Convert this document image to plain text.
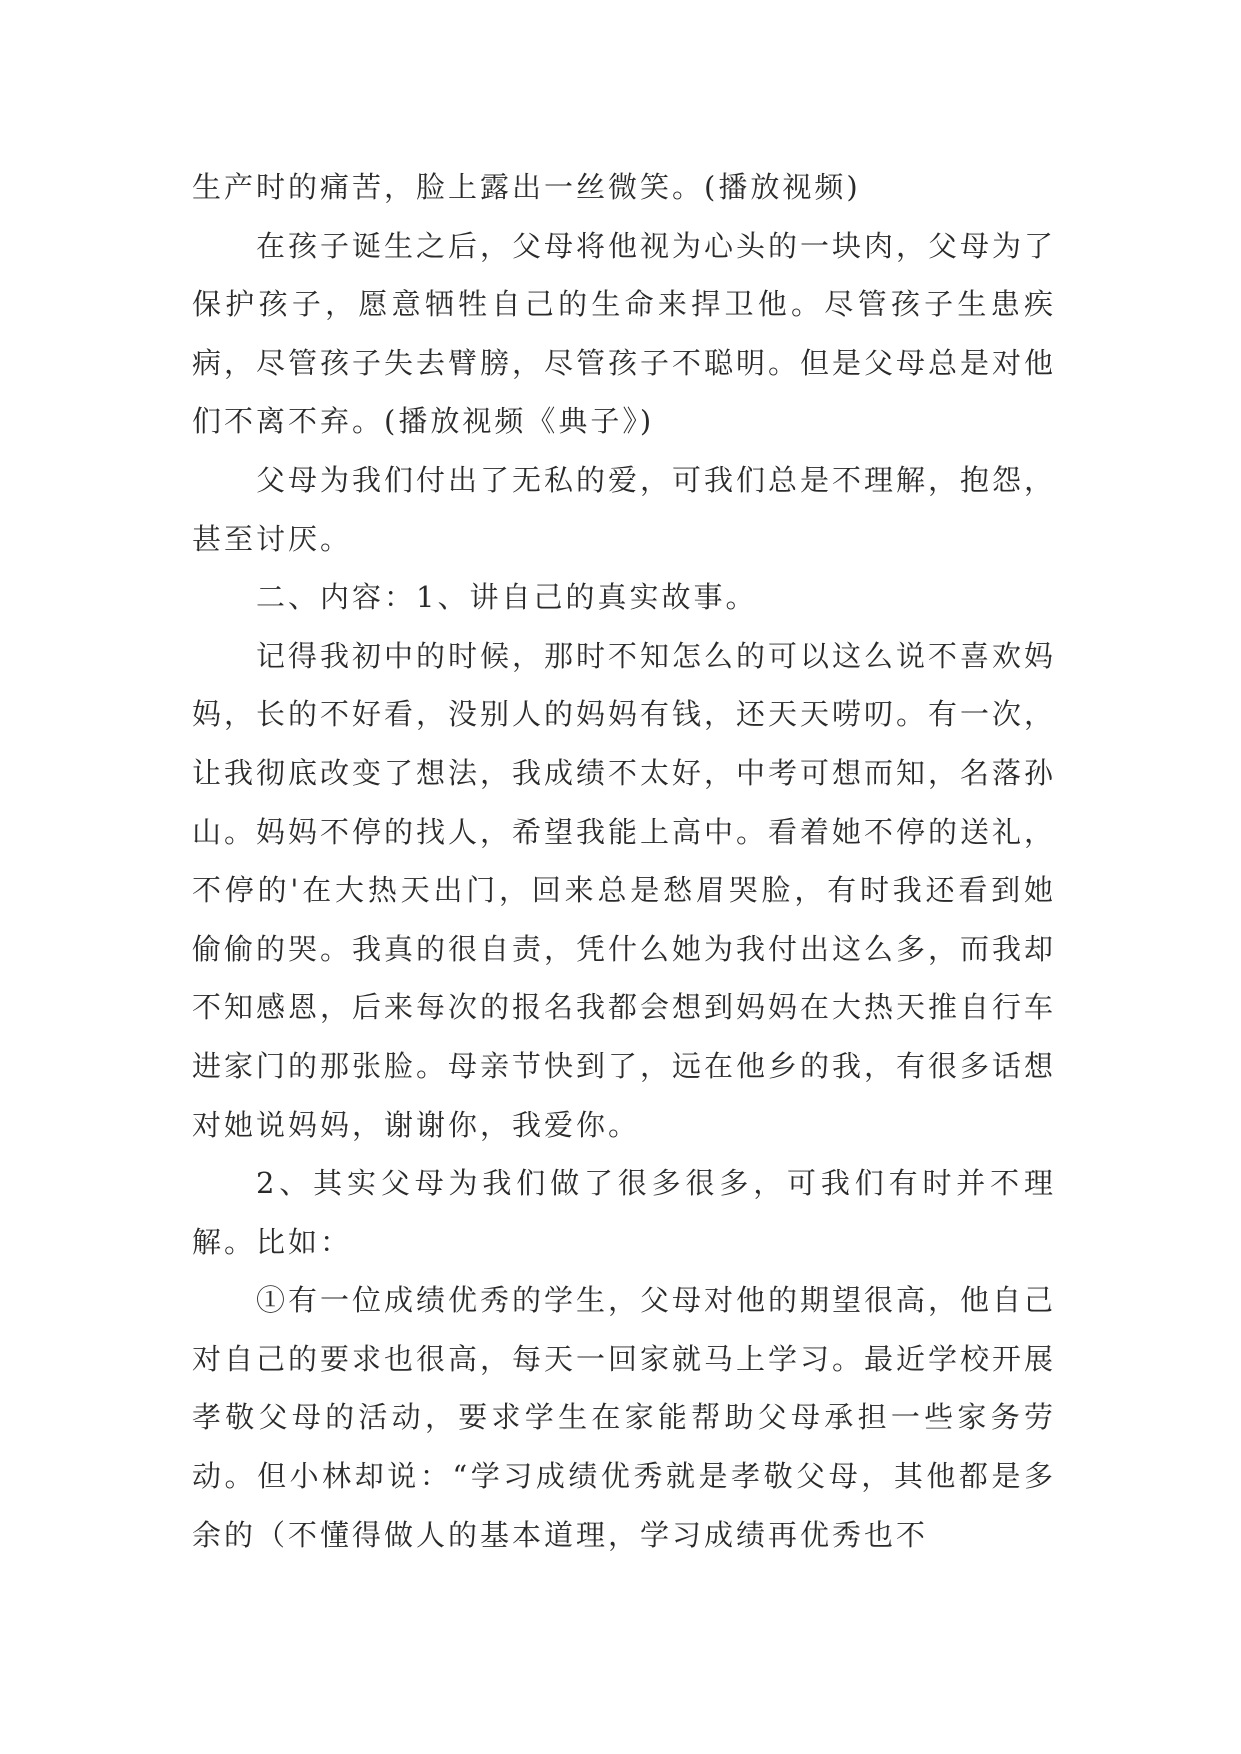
生产时的痛苦，脸上露出一丝微笑。(播放视频)

在孩子诞生之后，父母将他视为心头的一块肉，父母为了保护孩子，愿意牺牲自己的生命来捍卫他。尽管孩子生患疾病，尽管孩子失去臂膀，尽管孩子不聪明。但是父母总是对他们不离不弃。(播放视频《典子》)

父母为我们付出了无私的爱，可我们总是不理解，抱怨，甚至讨厌。

二、内容：1、讲自己的真实故事。

记得我初中的时候，那时不知怎么的可以这么说不喜欢妈妈，长的不好看，没别人的妈妈有钱，还天天唠叨。有一次，让我彻底改变了想法，我成绩不太好，中考可想而知，名落孙山。妈妈不停的找人，希望我能上高中。看着她不停的送礼，不停的'在大热天出门，回来总是愁眉哭脸，有时我还看到她偷偷的哭。我真的很自责，凭什么她为我付出这么多，而我却不知感恩，后来每次的报名我都会想到妈妈在大热天推自行车进家门的那张脸。母亲节快到了，远在他乡的我，有很多话想对她说妈妈，谢谢你，我爱你。

2、其实父母为我们做了很多很多，可我们有时并不理解。比如：

①有一位成绩优秀的学生，父母对他的期望很高，他自己对自己的要求也很高，每天一回家就马上学习。最近学校开展孝敬父母的活动，要求学生在家能帮助父母承担一些家务劳动。但小林却说：“学习成绩优秀就是孝敬父母，其他都是多余的（不懂得做人的基本道理，学习成绩再优秀也不
